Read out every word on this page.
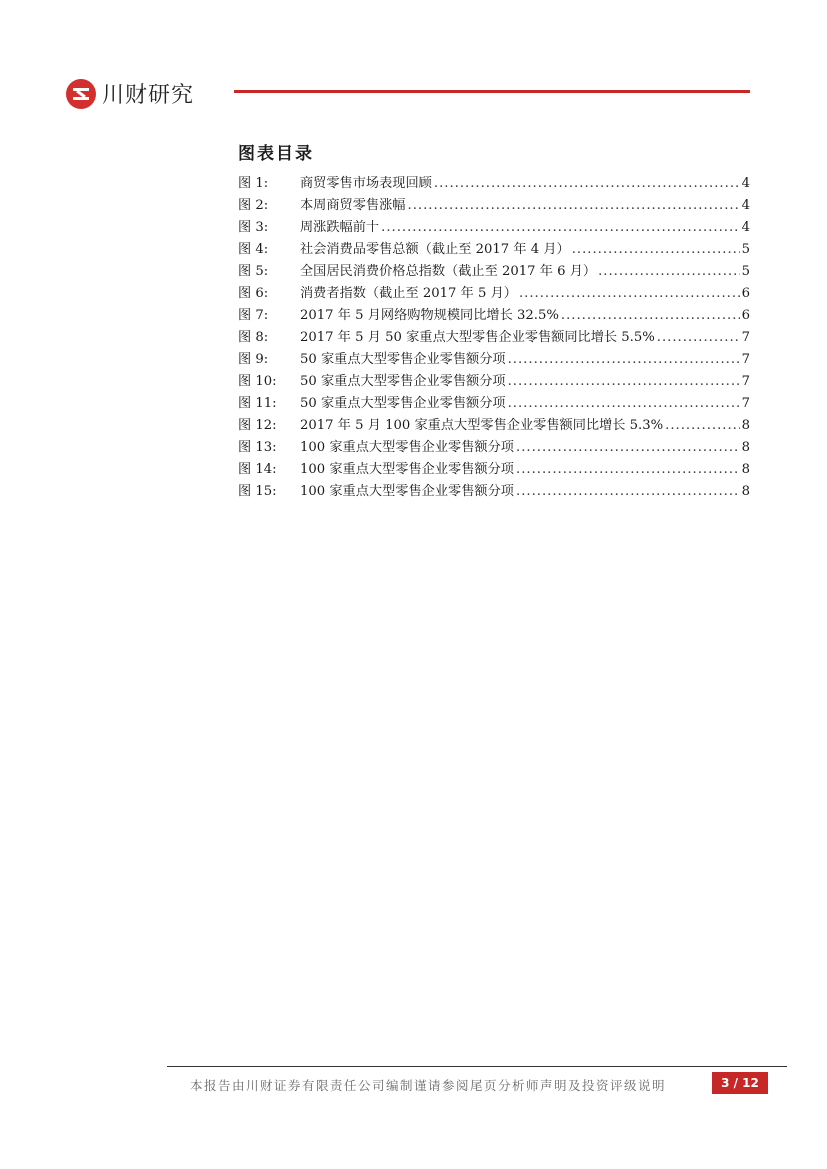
川财研究
图表目录
图 1:	商贸零售市场表现回顾 .....	4
图 2:	本周商贸零售涨幅 .....	4
图 3:	周涨跌幅前十 .....	4
图 4:	社会消费品零售总额（截止至 2017 年 4 月） .....	5
图 5:	全国居民消费价格总指数（截止至 2017 年 6 月） .....	5
图 6:	消费者指数（截止至 2017 年 5 月） .....	6
图 7:	2017 年 5 月网络购物规模同比增长 32.5% .....	6
图 8:	2017 年 5 月 50 家重点大型零售企业零售额同比增长 5.5% .....	7
图 9:	50 家重点大型零售企业零售额分项 .....	7
图 10:	50 家重点大型零售企业零售额分项 .....	7
图 11:	50 家重点大型零售企业零售额分项 .....	7
图 12:	2017 年 5 月 100 家重点大型零售企业零售额同比增长 5.3% .....	8
图 13:	100 家重点大型零售企业零售额分项 .....	8
图 14:	100 家重点大型零售企业零售额分项 .....	8
图 15:	100 家重点大型零售企业零售额分项 .....	8
本报告由川财证券有限责任公司编制谨请参阅尾页分析师声明及投资评级说明	3 / 12
